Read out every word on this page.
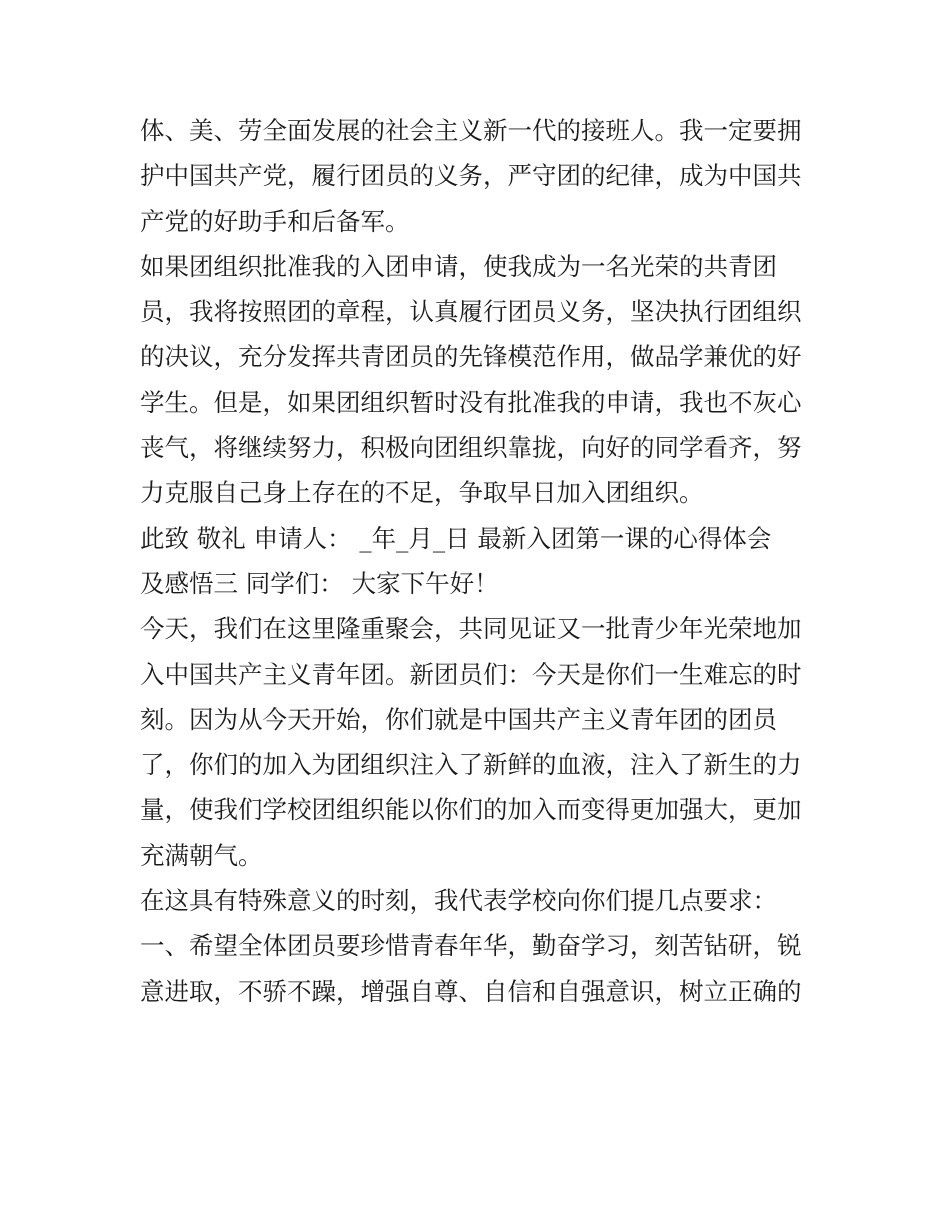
体、美、劳全面发展的社会主义新一代的接班人。我一定要拥
护中国共产党，履行团员的义务，严守团的纪律，成为中国共
产党的好助手和后备军。
如果团组织批准我的入团申请，使我成为一名光荣的共青团
员，我将按照团的章程，认真履行团员义务，坚决执行团组织
的决议，充分发挥共青团员的先锋模范作用，做品学兼优的好
学生。但是，如果团组织暂时没有批准我的申请，我也不灰心
丧气，将继续努力，积极向团组织靠拢，向好的同学看齐，努
力克服自己身上存在的不足，争取早日加入团组织。
此致 敬礼 申请人： _年_月_日 最新入团第一课的心得体会
及感悟三 同学们： 大家下午好！
今天，我们在这里隆重聚会，共同见证又一批青少年光荣地加
入中国共产主义青年团。新团员们：今天是你们一生难忘的时
刻。因为从今天开始，你们就是中国共产主义青年团的团员
了，你们的加入为团组织注入了新鲜的血液，注入了新生的力
量，使我们学校团组织能以你们的加入而变得更加强大，更加
充满朝气。
在这具有特殊意义的时刻，我代表学校向你们提几点要求：
一、希望全体团员要珍惜青春年华，勤奋学习，刻苦钻研，锐
意进取，不骄不躁，增强自尊、自信和自强意识，树立正确的
